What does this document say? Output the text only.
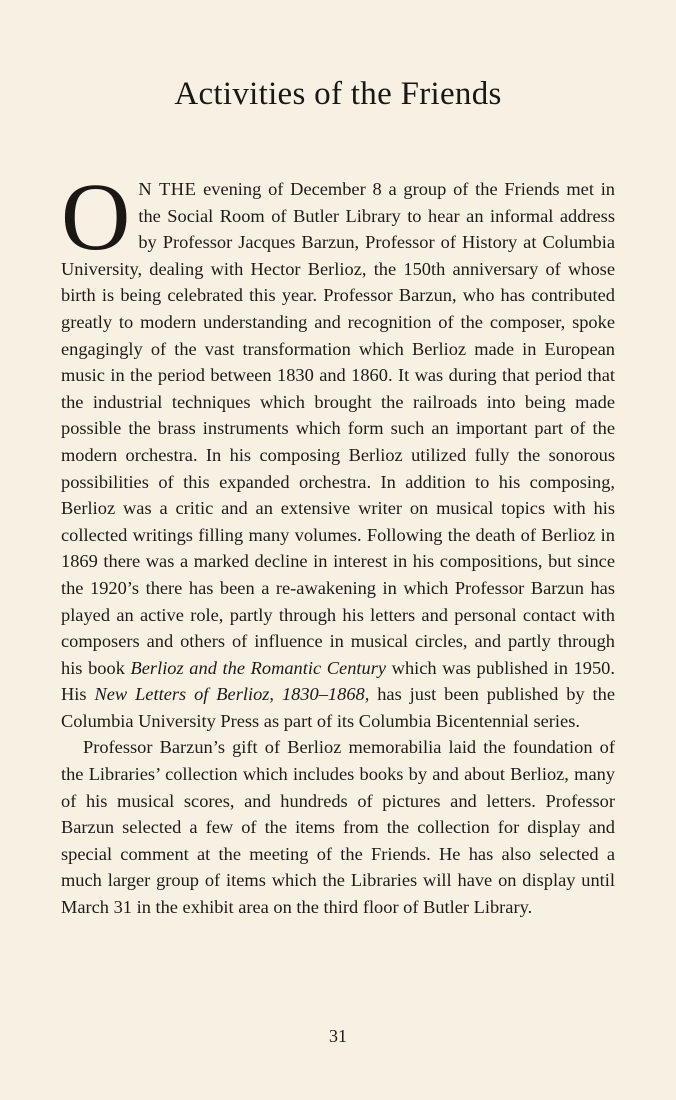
Activities of the Friends

O N THE evening of December 8 a group of the Friends met in the Social Room of Butler Library to hear an informal address by Professor Jacques Barzun, Professor of History at Columbia University, dealing with Hector Berlioz, the 150th anniversary of whose birth is being celebrated this year. Professor Barzun, who has contributed greatly to modern understanding and recognition of the composer, spoke engagingly of the vast transformation which Berlioz made in European music in the period between 1830 and 1860. It was during that period that the industrial techniques which brought the railroads into being made possible the brass instruments which form such an important part of the modern orchestra. In his composing Berlioz utilized fully the sonorous possibilities of this expanded orchestra. In addition to his composing, Berlioz was a critic and an extensive writer on musical topics with his collected writings filling many volumes. Following the death of Berlioz in 1869 there was a marked decline in interest in his compositions, but since the 1920’s there has been a re-awakening in which Professor Barzun has played an active role, partly through his letters and personal contact with composers and others of influence in musical circles, and partly through his book Berlioz and the Romantic Century which was published in 1950. His New Letters of Berlioz, 1830–1868, has just been published by the Columbia University Press as part of its Columbia Bicentennial series.

Professor Barzun’s gift of Berlioz memorabilia laid the foundation of the Libraries’ collection which includes books by and about Berlioz, many of his musical scores, and hundreds of pictures and letters. Professor Barzun selected a few of the items from the collection for display and special comment at the meeting of the Friends. He has also selected a much larger group of items which the Libraries will have on display until March 31 in the exhibit area on the third floor of Butler Library.

31
